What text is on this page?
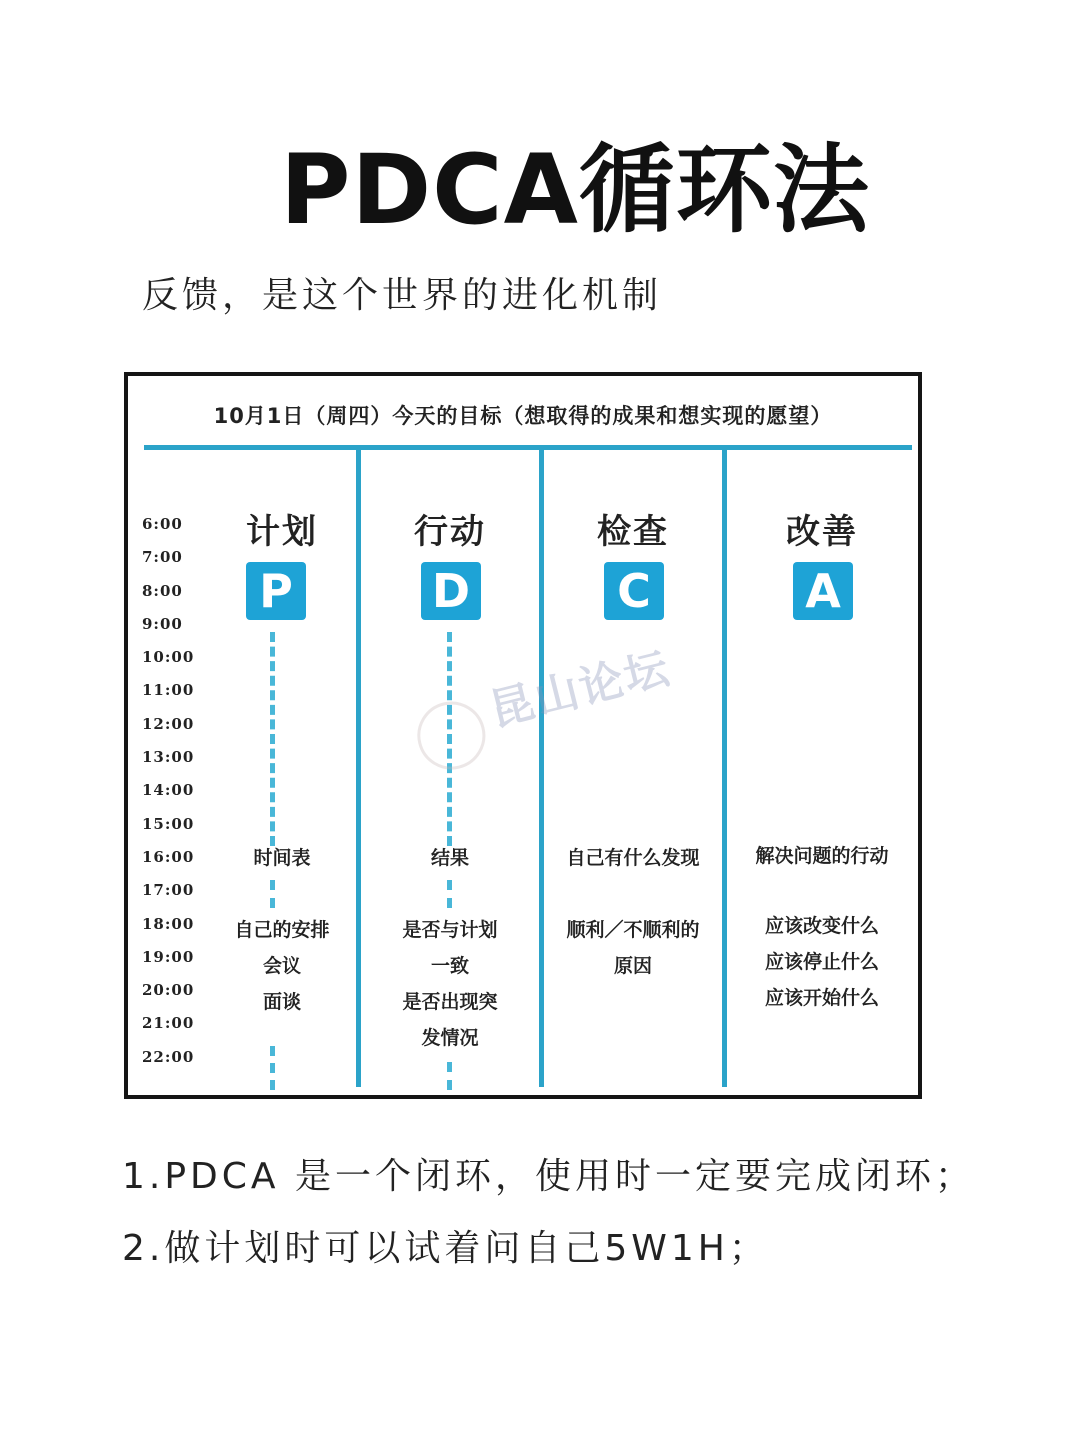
PDCA循环法
反馈，是这个世界的进化机制
10月1日（周四）今天的目标（想取得的成果和想实现的愿望）
6:00
7:00
8:00
9:00
10:00
11:00
12:00
13:00
14:00
15:00
16:00
17:00
18:00
19:00
20:00
21:00
22:00
计划
P
时间表
自己的安排
会议
面谈
行动
D
结果
是否与计划
一致
是否出现突
发情况
检查
C
自己有什么发现
顺利／不顺利的
原因
改善
A
解决问题的行动
应该改变什么
应该停止什么
应该开始什么
昆山论坛
1.PDCA 是一个闭环，使用时一定要完成闭环；
2.做计划时可以试着问自己5W1H；
